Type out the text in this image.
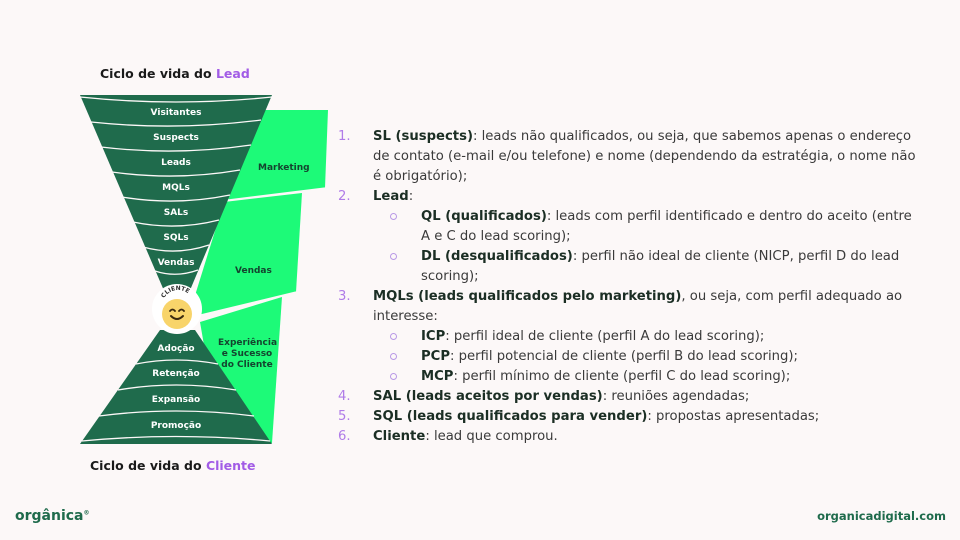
Ciclo de vida do Lead
Visitantes
Suspects
Leads
MQLs
SALs
SQLs
Vendas
Adoção
Retenção
Expansão
Promoção
Marketing
Vendas
Experiência
e Sucesso
do Cliente
CLIENTE
Ciclo de vida do Cliente
1. SL (suspects): leads não qualificados, ou seja, que sabemos apenas o endereço de contato (e-mail e/ou telefone) e nome (dependendo da estratégia, o nome não é obrigatório);
2. Lead:
QL (qualificados): leads com perfil identificado e dentro do aceito (entre A e C do lead scoring);
DL (desqualificados): perfil não ideal de cliente (NICP, perfil D do lead scoring);
3. MQLs (leads qualificados pelo marketing), ou seja, com perfil adequado ao interesse:
ICP: perfil ideal de cliente (perfil A do lead scoring);
PCP: perfil potencial de cliente (perfil B do lead scoring);
MCP: perfil mínimo de cliente (perfil C do lead scoring);
4. SAL (leads aceitos por vendas): reuniões agendadas;
5. SQL (leads qualificados para vender): propostas apresentadas;
6. Cliente: lead que comprou.
orgânica®	organicadigital.com
